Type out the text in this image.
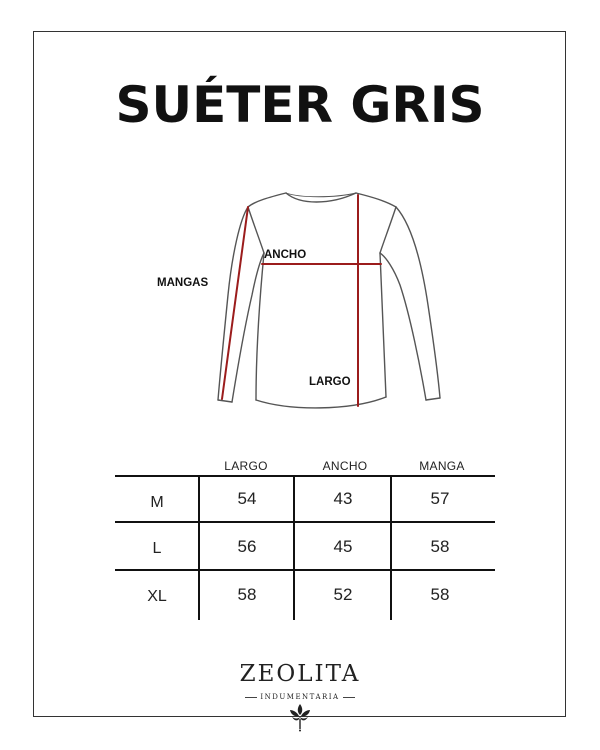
SUÉTER GRIS
MANGAS
ANCHO
LARGO
LARGO	ANCHO	MANGA
M	54	43	57
L	56	45	58
XL	58	52	58
ZEOLITA
INDUMENTARIA
